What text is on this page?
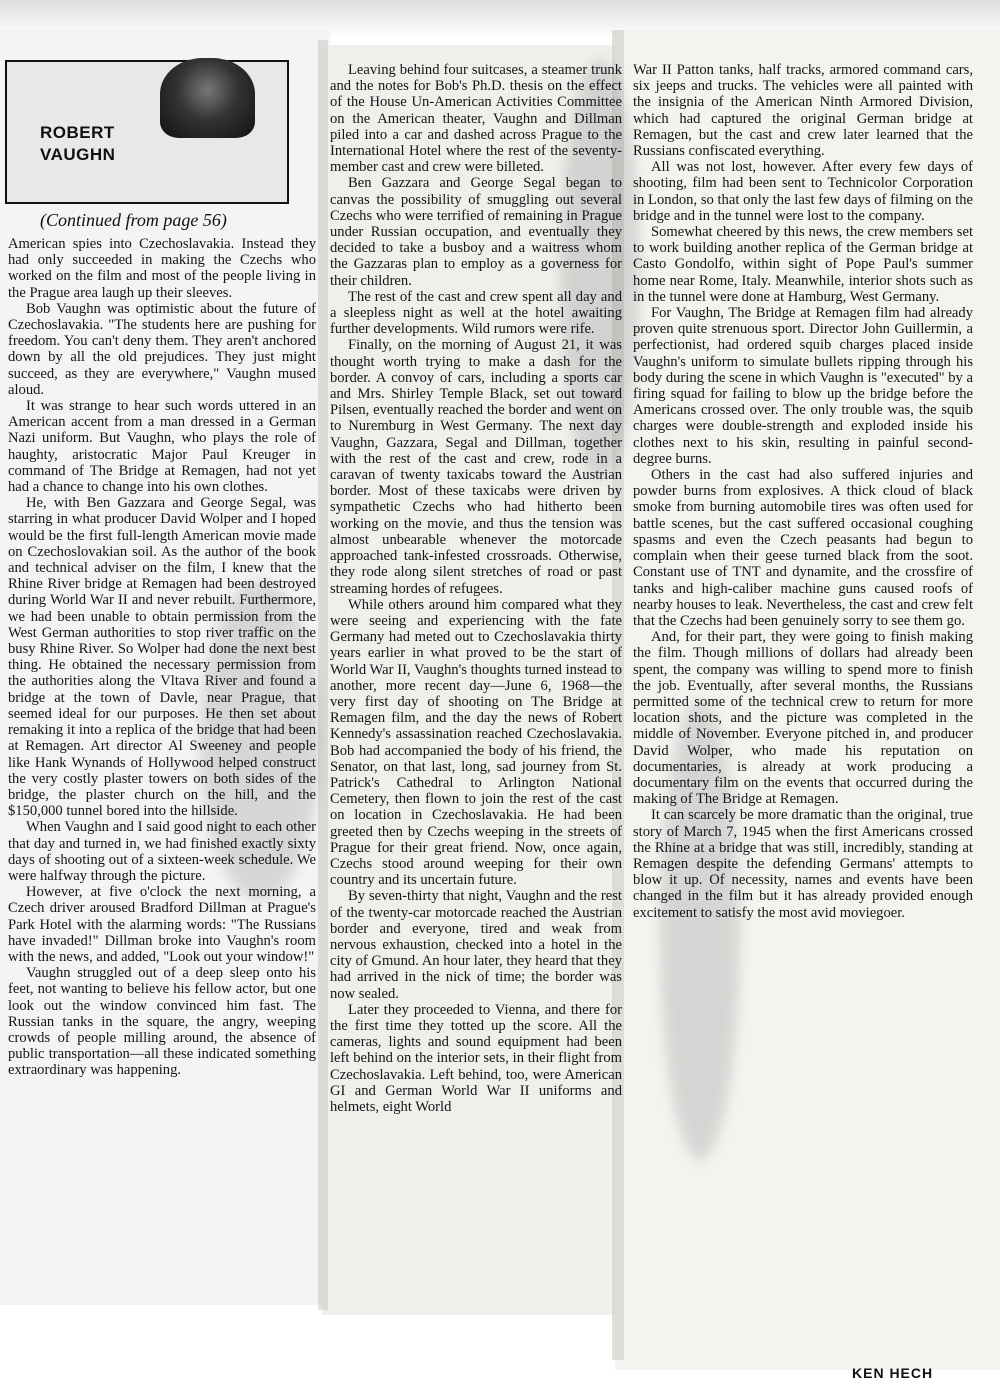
ROBERT
VAUGHN
(Continued from page 56)

American spies into Czechoslavakia. Instead they had only succeeded in making the Czechs who worked on the film and most of the people living in the Prague area laugh up their sleeves.

Bob Vaughn was optimistic about the future of Czechoslavakia. "The students here are pushing for freedom. You can't deny them. They aren't anchored down by all the old prejudices. They just might succeed, as they are everywhere," Vaughn mused aloud.

It was strange to hear such words uttered in an American accent from a man dressed in a German Nazi uniform. But Vaughn, who plays the role of haughty, aristocratic Major Paul Kreuger in command of The Bridge at Remagen, had not yet had a chance to change into his own clothes.

He, with Ben Gazzara and George Segal, was starring in what producer David Wolper and I hoped would be the first full-length American movie made on Czechoslovakian soil. As the author of the book and technical adviser on the film, I knew that the Rhine River bridge at Remagen had been destroyed during World War II and never rebuilt. Furthermore, we had been unable to obtain permission from the West German authorities to stop river traffic on the busy Rhine River. So Wolper had done the next best thing. He obtained the necessary permission from the authorities along the Vltava River and found a bridge at the town of Davle, near Prague, that seemed ideal for our purposes. He then set about remaking it into a replica of the bridge that had been at Remagen. Art director Al Sweeney and people like Hank Wynands of Hollywood helped construct the very costly plaster towers on both sides of the bridge, the plaster church on the hill, and the $150,000 tunnel bored into the hillside.

When Vaughn and I said good night to each other that day and turned in, we had finished exactly sixty days of shooting out of a sixteen-week schedule. We were halfway through the picture.

However, at five o'clock the next morning, a Czech driver aroused Bradford Dillman at Prague's Park Hotel with the alarming words: "The Russians have invaded!" Dillman broke into Vaughn's room with the news, and added, "Look out your window!"

Vaughn struggled out of a deep sleep onto his feet, not wanting to believe his fellow actor, but one look out the window convinced him fast. The Russian tanks in the square, the angry, weeping crowds of people milling around, the absence of public transportation—all these indicated something extraordinary was happening.

Leaving behind four suitcases, a steamer trunk and the notes for Bob's Ph.D. thesis on the effect of the House Un-American Activities Committee on the American theater, Vaughn and Dillman piled into a car and dashed across Prague to the International Hotel where the rest of the seventy-member cast and crew were billeted.

Ben Gazzara and George Segal began to canvas the possibility of smuggling out several Czechs who were terrified of remaining in Prague under Russian occupation, and eventually they decided to take a busboy and a waitress whom the Gazzaras plan to employ as a governess for their children.

The rest of the cast and crew spent all day and a sleepless night as well at the hotel awaiting further developments. Wild rumors were rife.

Finally, on the morning of August 21, it was thought worth trying to make a dash for the border. A convoy of cars, including a sports car and Mrs. Shirley Temple Black, set out toward Pilsen, eventually reached the border and went on to Nuremburg in West Germany. The next day Vaughn, Gazzara, Segal and Dillman, together with the rest of the cast and crew, rode in a caravan of twenty taxicabs toward the Austrian border. Most of these taxicabs were driven by sympathetic Czechs who had hitherto been working on the movie, and thus the tension was almost unbearable whenever the motorcade approached tank-infested crossroads. Otherwise, they rode along silent stretches of road or past streaming hordes of refugees.

While others around him compared what they were seeing and experiencing with the fate Germany had meted out to Czechoslavakia thirty years earlier in what proved to be the start of World War II, Vaughn's thoughts turned instead to another, more recent day—June 6, 1968—the very first day of shooting on The Bridge at Remagen film, and the day the news of Robert Kennedy's assassination reached Czechoslavakia. Bob had accompanied the body of his friend, the Senator, on that last, long, sad journey from St. Patrick's Cathedral to Arlington National Cemetery, then flown to join the rest of the cast on location in Czechoslavakia. He had been greeted then by Czechs weeping in the streets of Prague for their great friend. Now, once again, Czechs stood around weeping for their own country and its uncertain future.

By seven-thirty that night, Vaughn and the rest of the twenty-car motorcade reached the Austrian border and everyone, tired and weak from nervous exhaustion, checked into a hotel in the city of Gmund. An hour later, they heard that they had arrived in the nick of time; the border was now sealed.

Later they proceeded to Vienna, and there for the first time they totted up the score. All the cameras, lights and sound equipment had been left behind on the interior sets, in their flight from Czechoslavakia. Left behind, too, were American GI and German World War II uniforms and helmets, eight World

War II Patton tanks, half tracks, armored command cars, six jeeps and trucks. The vehicles were all painted with the insignia of the American Ninth Armored Division, which had captured the original German bridge at Remagen, but the cast and crew later learned that the Russians confiscated everything.

All was not lost, however. After every few days of shooting, film had been sent to Technicolor Corporation in London, so that only the last few days of filming on the bridge and in the tunnel were lost to the company.

Somewhat cheered by this news, the crew members set to work building another replica of the German bridge at Casto Gondolfo, within sight of Pope Paul's summer home near Rome, Italy. Meanwhile, interior shots such as in the tunnel were done at Hamburg, West Germany.

For Vaughn, The Bridge at Remagen film had already proven quite strenuous sport. Director John Guillermin, a perfectionist, had ordered squib charges placed inside Vaughn's uniform to simulate bullets ripping through his body during the scene in which Vaughn is "executed" by a firing squad for failing to blow up the bridge before the Americans crossed over. The only trouble was, the squib charges were double-strength and exploded inside his clothes next to his skin, resulting in painful second-degree burns.

Others in the cast had also suffered injuries and powder burns from explosives. A thick cloud of black smoke from burning automobile tires was often used for battle scenes, but the cast suffered occasional coughing spasms and even the Czech peasants had begun to complain when their geese turned black from the soot. Constant use of TNT and dynamite, and the crossfire of tanks and high-caliber machine guns caused roofs of nearby houses to leak. Nevertheless, the cast and crew felt that the Czechs had been genuinely sorry to see them go.

And, for their part, they were going to finish making the film. Though millions of dollars had already been spent, the company was willing to spend more to finish the job. Eventually, after several months, the Russians permitted some of the technical crew to return for more location shots, and the picture was completed in the middle of November. Everyone pitched in, and producer David Wolper, who made his reputation on documentaries, is already at work producing a documentary film on the events that occurred during the making of The Bridge at Remagen.

It can scarcely be more dramatic than the original, true story of March 7, 1945 when the first Americans crossed the Rhine at a bridge that was still, incredibly, standing at Remagen despite the defending Germans' attempts to blow it up. Of necessity, names and events have been changed in the film but it has already provided enough excitement to satisfy the most avid moviegoer.

KEN HECH
